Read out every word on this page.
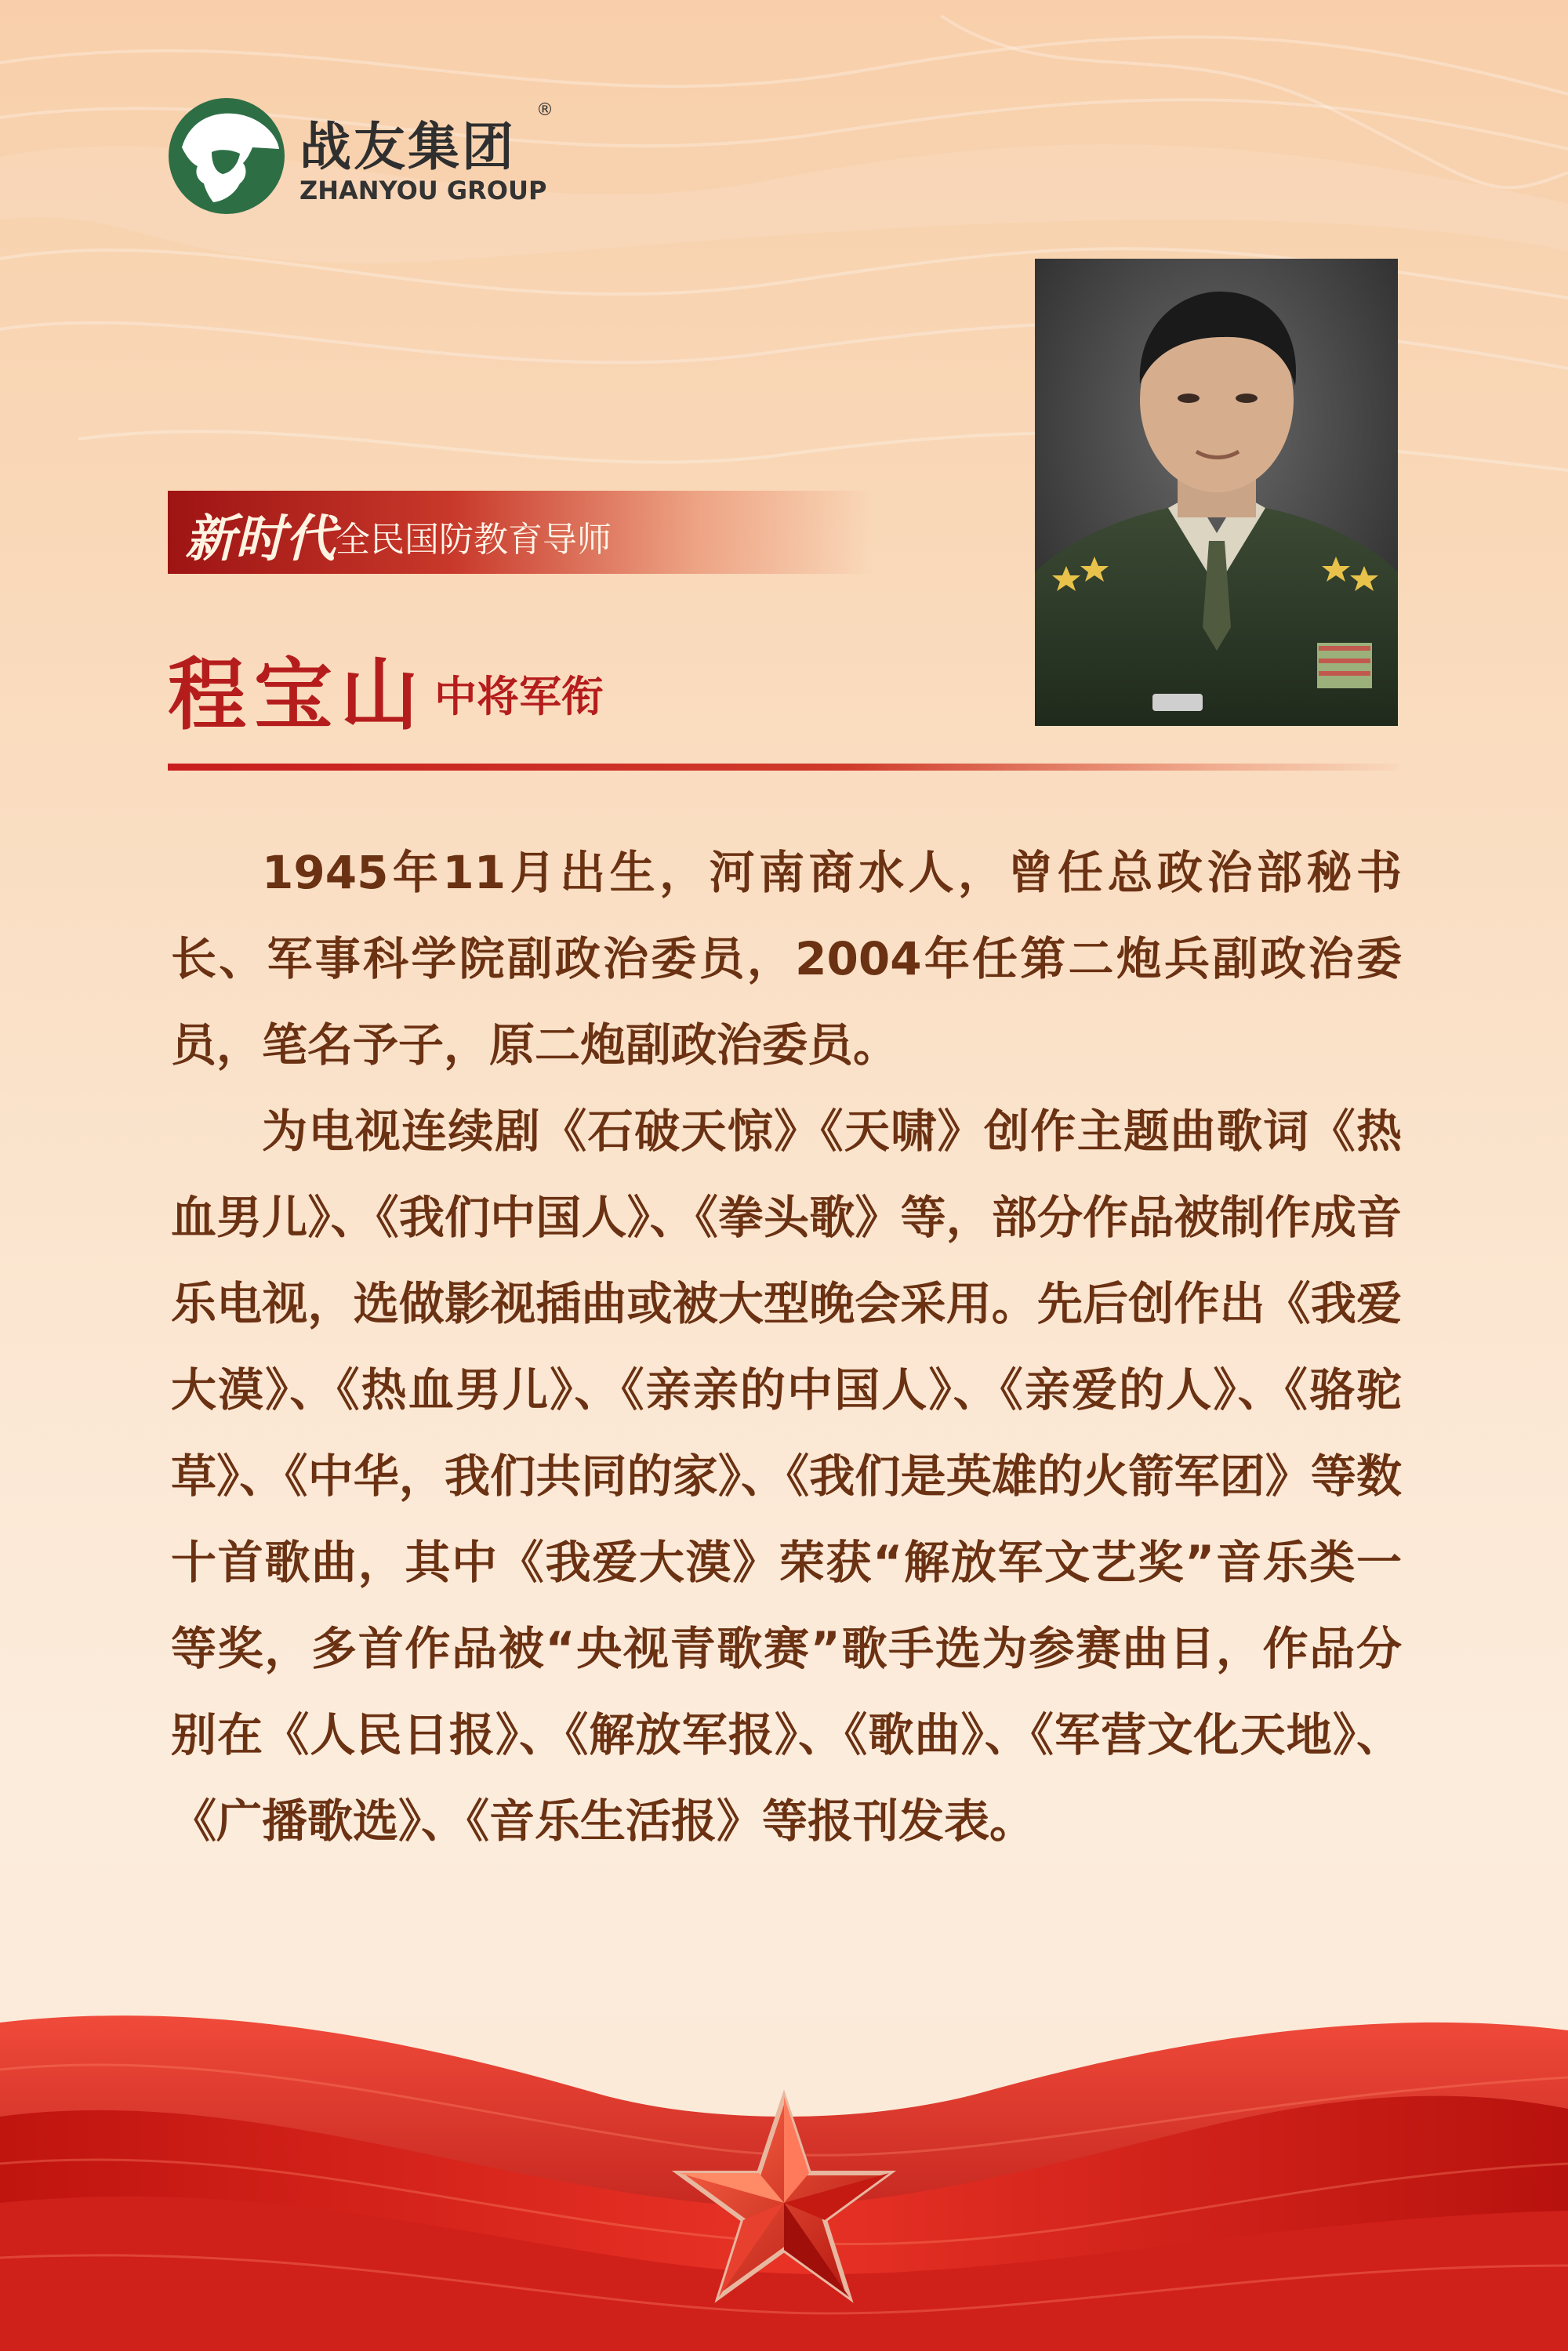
战友集团
®
ZHANYOU GROUP
新时代 全民国防教育导师
程宝山 中将军衔

1945年11月出生，河南商水人，曾任总政治部秘书长、军事科学院副政治委员，2004年任第二炮兵副政治委员，笔名予子，原二炮副政治委员。

为电视连续剧《石破天惊》《天啸》创作主题曲歌词《热血男儿》、《我们中国人》、《拳头歌》等，部分作品被制作成音乐电视，选做影视插曲或被大型晚会采用。先后创作出《我爱大漠》、《热血男儿》、《亲亲的中国人》、《亲爱的人》、《骆驼草》、《中华，我们共同的家》、《我们是英雄的火箭军团》等数十首歌曲，其中《我爱大漠》荣获“解放军文艺奖”音乐类一等奖，多首作品被“央视青歌赛”歌手选为参赛曲目，作品分别在《人民日报》、《解放军报》、《歌曲》、《军营文化天地》、《广播歌选》、《音乐生活报》等报刊发表。
